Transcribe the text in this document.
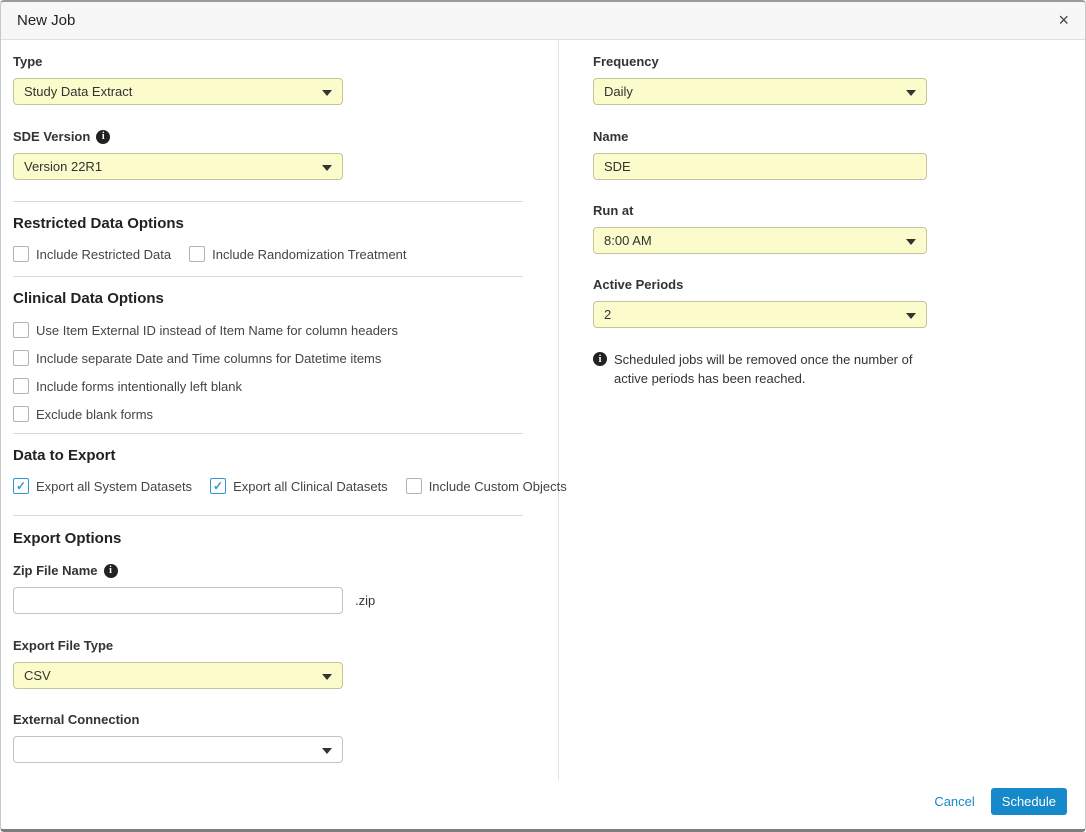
New Job	×
Type
Study Data Extract
SDE Version	i
Version 22R1
Restricted Data Options
Include Restricted Data	Include Randomization Treatment
Clinical Data Options
Use Item External ID instead of Item Name for column headers
Include separate Date and Time columns for Datetime items
Include forms intentionally left blank
Exclude blank forms
Data to Export
✓
Export all System Datasets ✓	Export all Clinical Datasets	Include Custom Objects
Export Options
Zip File Name	i
.zip
Export File Type
CSV
External Connection
Frequency
Daily
Name
SDE
Run at
8:00 AM
Active Periods
2
i Scheduled jobs will be removed once the number of active periods has been reached.
Cancel	Schedule
